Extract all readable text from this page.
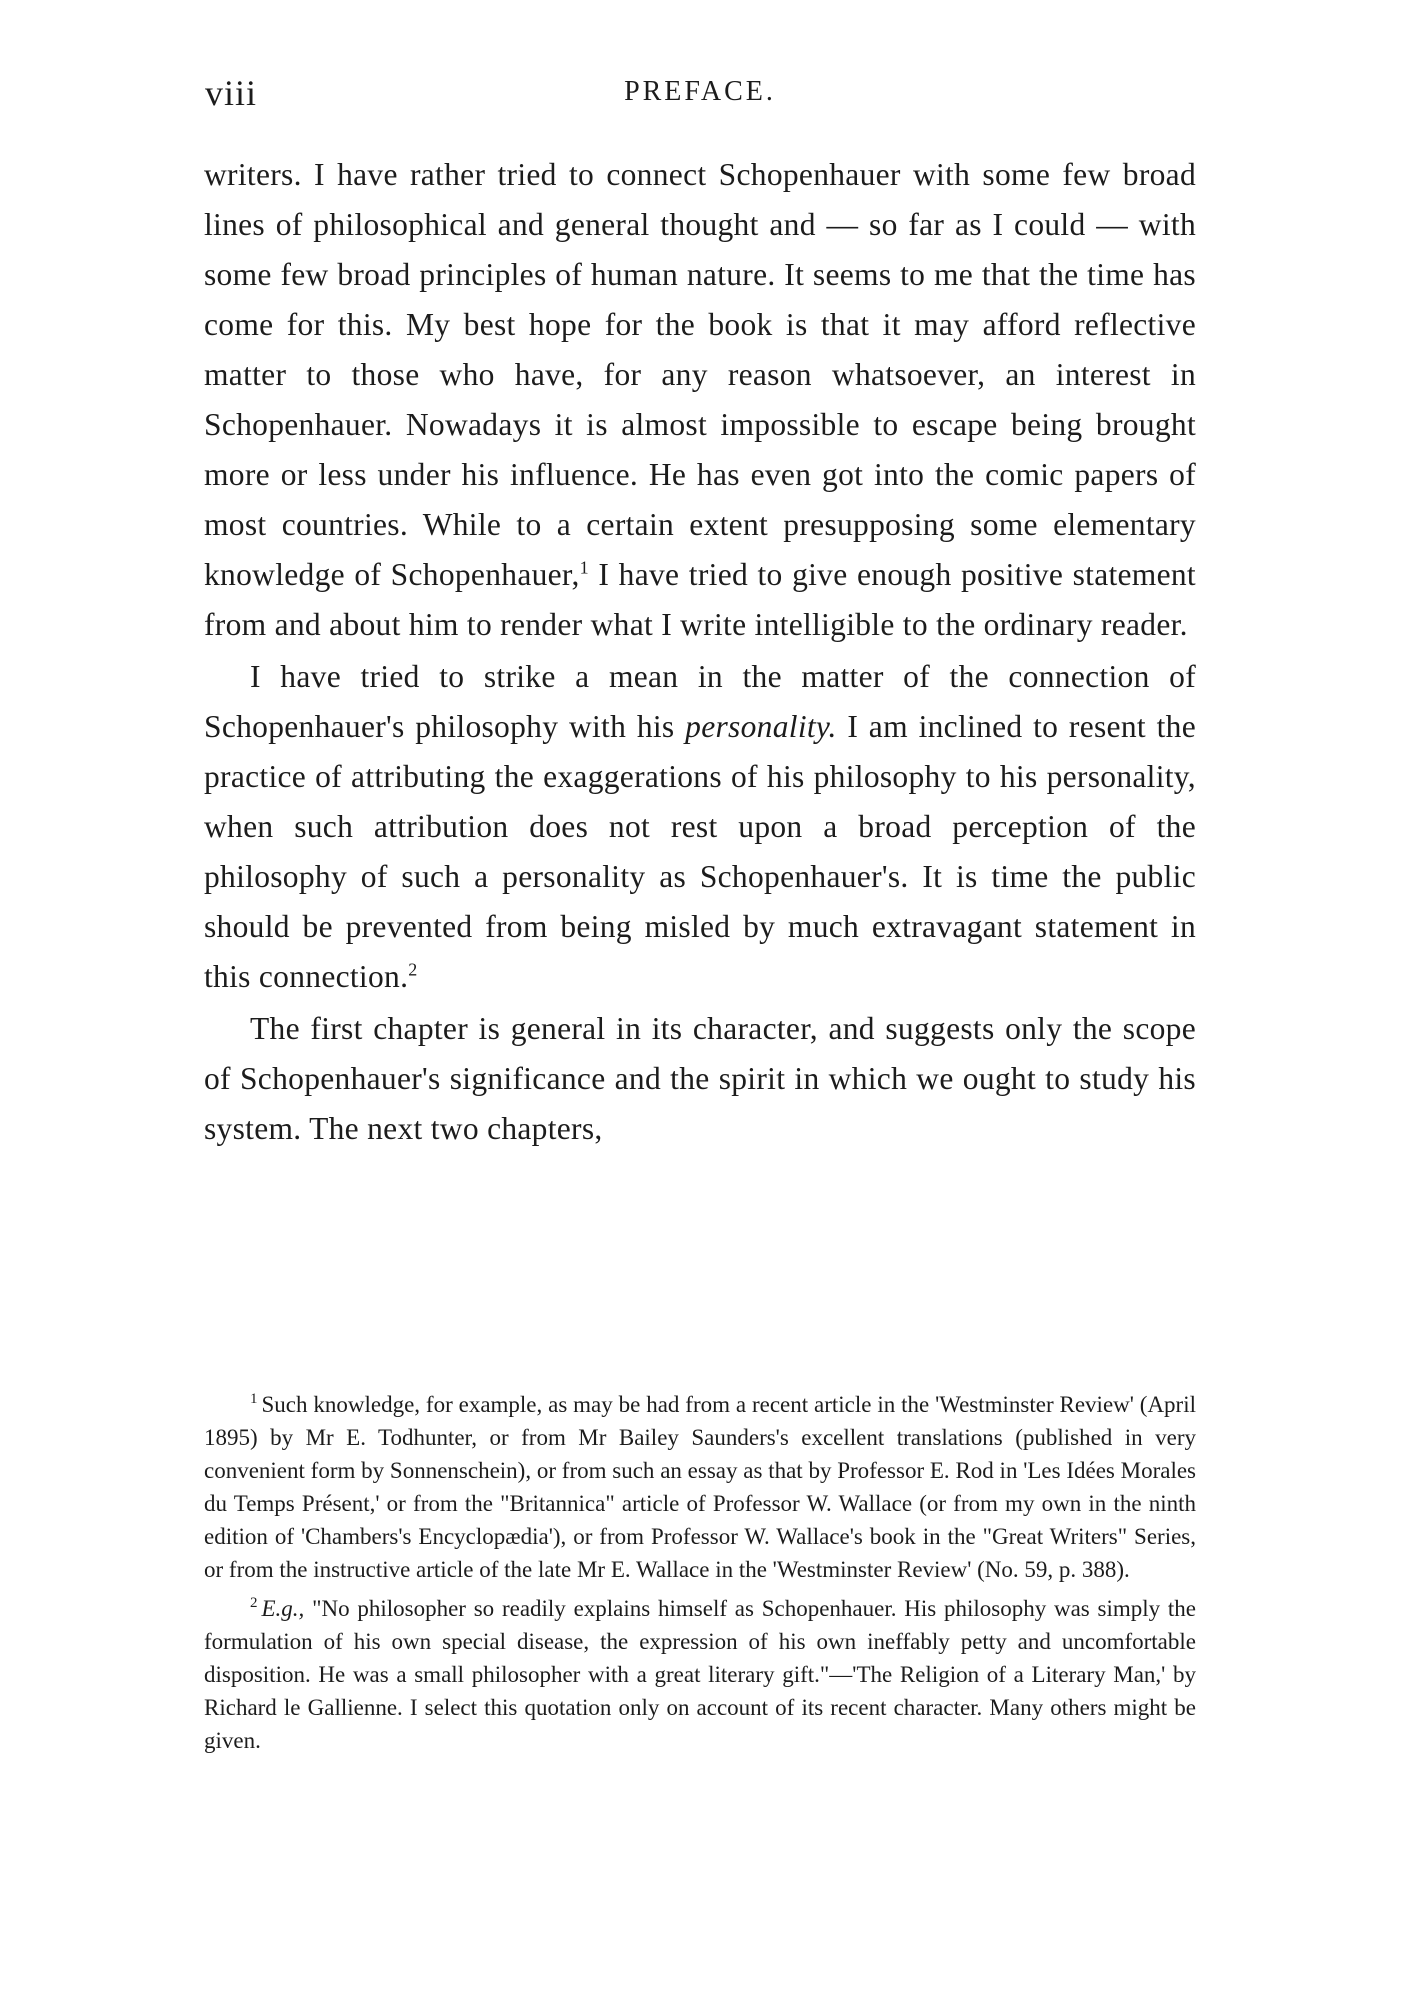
viii	PREFACE.

writers. I have rather tried to connect Schopenhauer with some few broad lines of philosophical and general thought and — so far as I could — with some few broad principles of human nature. It seems to me that the time has come for this. My best hope for the book is that it may afford reflective matter to those who have, for any reason whatsoever, an interest in Schopenhauer. Nowadays it is almost impossible to escape being brought more or less under his influence. He has even got into the comic papers of most countries. While to a certain extent presupposing some elementary knowledge of Schopenhauer,$^1$ I have tried to give enough positive statement from and about him to render what I write intelligible to the ordinary reader.

I have tried to strike a mean in the matter of the connection of Schopenhauer's philosophy with his personality. I am inclined to resent the practice of attributing the exaggerations of his philosophy to his personality, when such attribution does not rest upon a broad perception of the philosophy of such a personality as Schopenhauer's. It is time the public should be prevented from being misled by much extravagant statement in this connection.$^2$

The first chapter is general in its character, and suggests only the scope of Schopenhauer's significance and the spirit in which we ought to study his system. The next two chapters,

$^1$ Such knowledge, for example, as may be had from a recent article in the 'Westminster Review' (April 1895) by Mr E. Todhunter, or from Mr Bailey Saunders's excellent translations (published in very convenient form by Sonnenschein), or from such an essay as that by Professor E. Rod in 'Les Idées Morales du Temps Présent,' or from the "Britannica" article of Professor W. Wallace (or from my own in the ninth edition of 'Chambers's Encyclopædia'), or from Professor W. Wallace's book in the "Great Writers" Series, or from the instructive article of the late Mr E. Wallace in the 'Westminster Review' (No. 59, p. 388).

$^2$ E.g., "No philosopher so readily explains himself as Schopenhauer. His philosophy was simply the formulation of his own special disease, the expression of his own ineffably petty and uncomfortable disposition. He was a small philosopher with a great literary gift."—'The Religion of a Literary Man,' by Richard le Gallienne. I select this quotation only on account of its recent character. Many others might be given.
